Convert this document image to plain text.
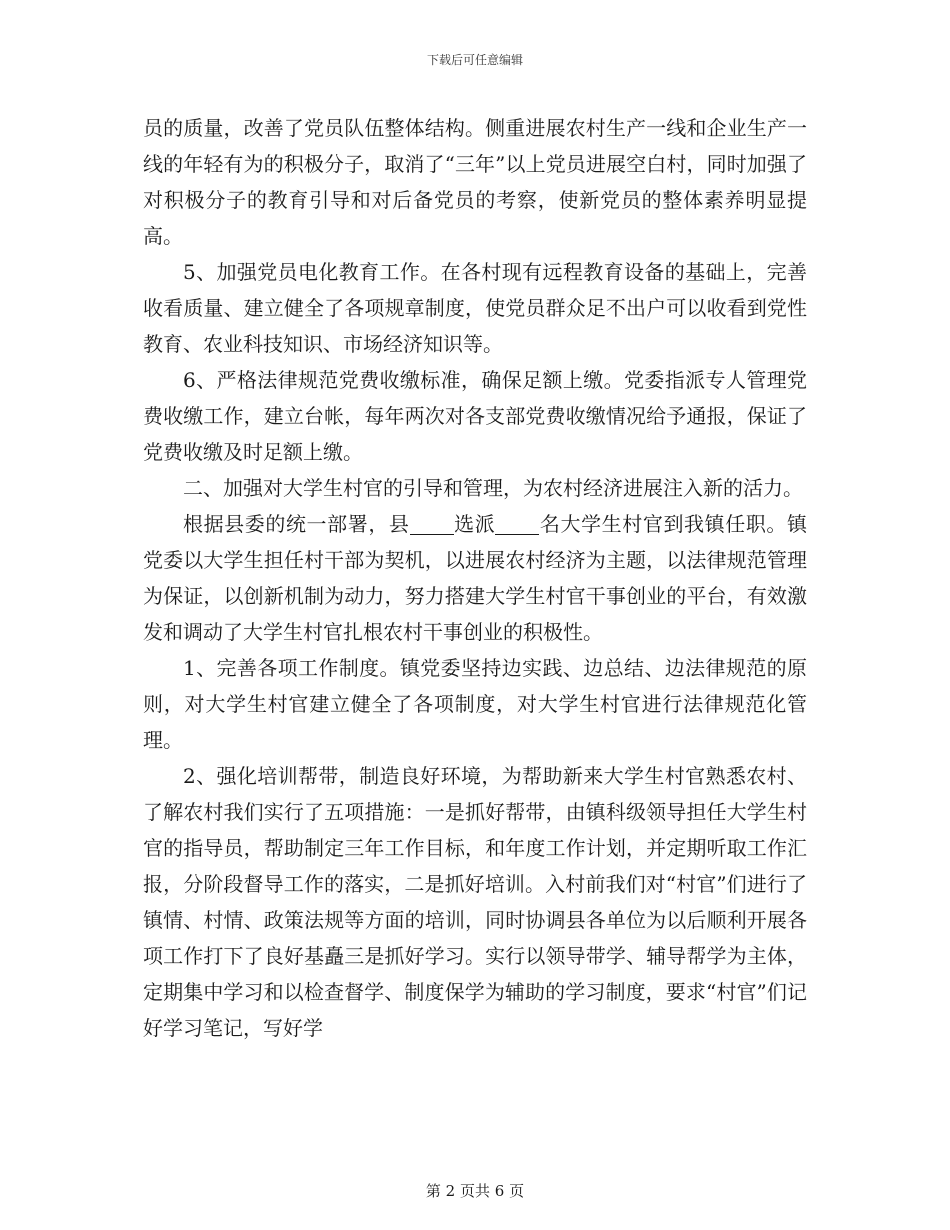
下载后可任意编辑

员的质量，改善了党员队伍整体结构。侧重进展农村生产一线和企业生产一线的年轻有为的积极分子，取消了“三年”以上党员进展空白村，同时加强了对积极分子的教育引导和对后备党员的考察，使新党员的整体素养明显提高。

5、加强党员电化教育工作。在各村现有远程教育设备的基础上，完善收看质量、建立健全了各项规章制度，使党员群众足不出户可以收看到党性教育、农业科技知识、市场经济知识等。

6、严格法律规范党费收缴标准，确保足额上缴。党委指派专人管理党费收缴工作，建立台帐，每年两次对各支部党费收缴情况给予通报，保证了党费收缴及时足额上缴。

二、加强对大学生村官的引导和管理，为农村经济进展注入新的活力。

根据县委的统一部署，县 选派 名大学生村官到我镇任职。镇党委以大学生担任村干部为契机，以进展农村经济为主题，以法律规范管理为保证，以创新机制为动力，努力搭建大学生村官干事创业的平台，有效激发和调动了大学生村官扎根农村干事创业的积极性。

1、完善各项工作制度。镇党委坚持边实践、边总结、边法律规范的原则，对大学生村官建立健全了各项制度，对大学生村官进行法律规范化管理。

2、强化培训帮带，制造良好环境，为帮助新来大学生村官熟悉农村、了解农村我们实行了五项措施：一是抓好帮带，由镇科级领导担任大学生村官的指导员，帮助制定三年工作目标，和年度工作计划，并定期听取工作汇报，分阶段督导工作的落实，二是抓好培训。入村前我们对“村官”们进行了镇情、村情、政策法规等方面的培训，同时协调县各单位为以后顺利开展各项工作打下了良好基矗三是抓好学习。实行以领导带学、辅导帮学为主体，定期集中学习和以检查督学、制度保学为辅助的学习制度，要求“村官”们记好学习笔记，写好学

第 2 页共 6 页
